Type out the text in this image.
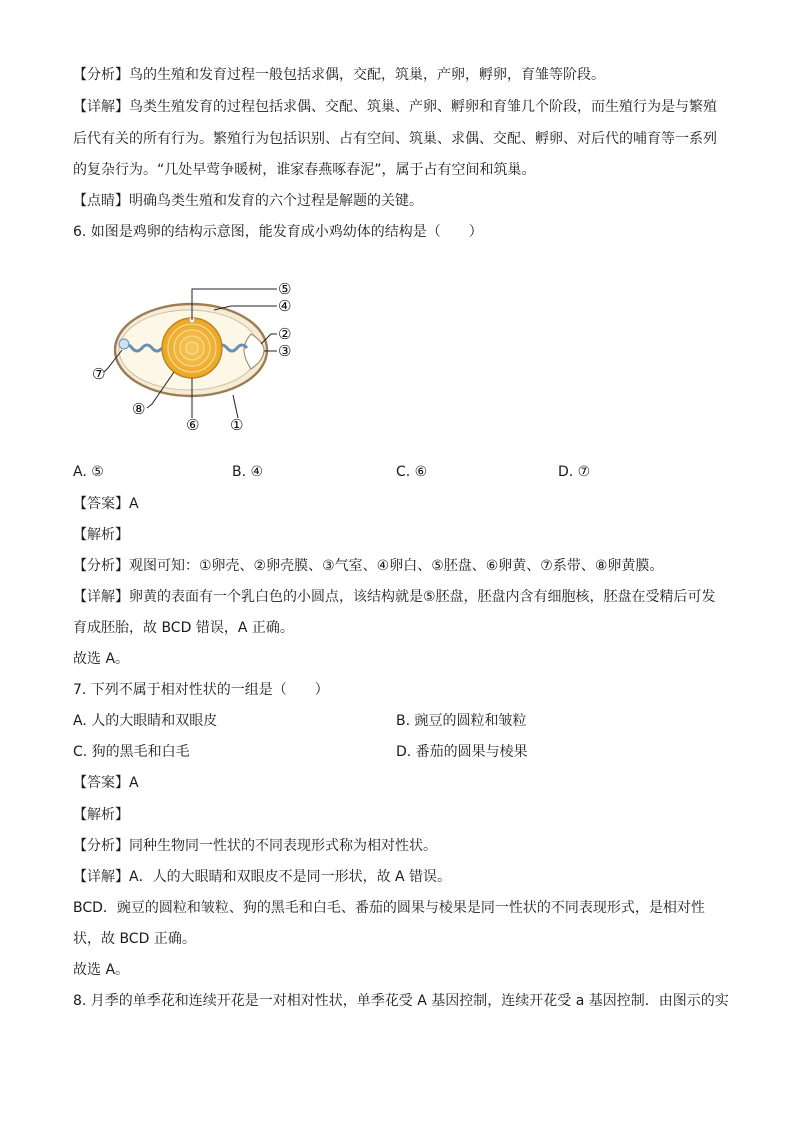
【分析】鸟的生殖和发育过程一般包括求偶，交配，筑巢，产卵，孵卵，育雏等阶段。
【详解】鸟类生殖发育的过程包括求偶、交配、筑巢、产卵、孵卵和育雏几个阶段，而生殖行为是与繁殖
后代有关的所有行为。繁殖行为包括识别、占有空间、筑巢、求偶、交配、孵卵、对后代的哺育等一系列
的复杂行为。“几处早莺争暖树，谁家春燕啄春泥”，属于占有空间和筑巢。
【点睛】明确鸟类生殖和发育的六个过程是解题的关键。
6. 如图是鸡卵的结构示意图，能发育成小鸡幼体的结构是（　　）
⑤
④
②
③
⑦
⑧
⑥ ①
A. ⑤	B. ④	C. ⑥	D. ⑦
【答案】A
【解析】
【分析】观图可知：①卵壳、②卵壳膜、③气室、④卵白、⑤胚盘、⑥卵黄、⑦系带、⑧卵黄膜。
【详解】卵黄的表面有一个乳白色的小圆点，该结构就是⑤胚盘，胚盘内含有细胞核，胚盘在受精后可发
育成胚胎，故 BCD 错误，A 正确。
故选 A。
7. 下列不属于相对性状的一组是（　　）
A. 人的大眼睛和双眼皮	B. 豌豆的圆粒和皱粒
C. 狗的黑毛和白毛	D. 番茄的圆果与棱果
【答案】A
【解析】
【分析】同种生物同一性状的不同表现形式称为相对性状。
【详解】A．人的大眼睛和双眼皮不是同一形状，故 A 错误。
BCD．豌豆的圆粒和皱粒、狗的黑毛和白毛、番茄的圆果与棱果是同一性状的不同表现形式，是相对性
状，故 BCD 正确。
故选 A。
8. 月季的单季花和连续开花是一对相对性状，单季花受 A 基因控制，连续开花受 a 基因控制．由图示的实
